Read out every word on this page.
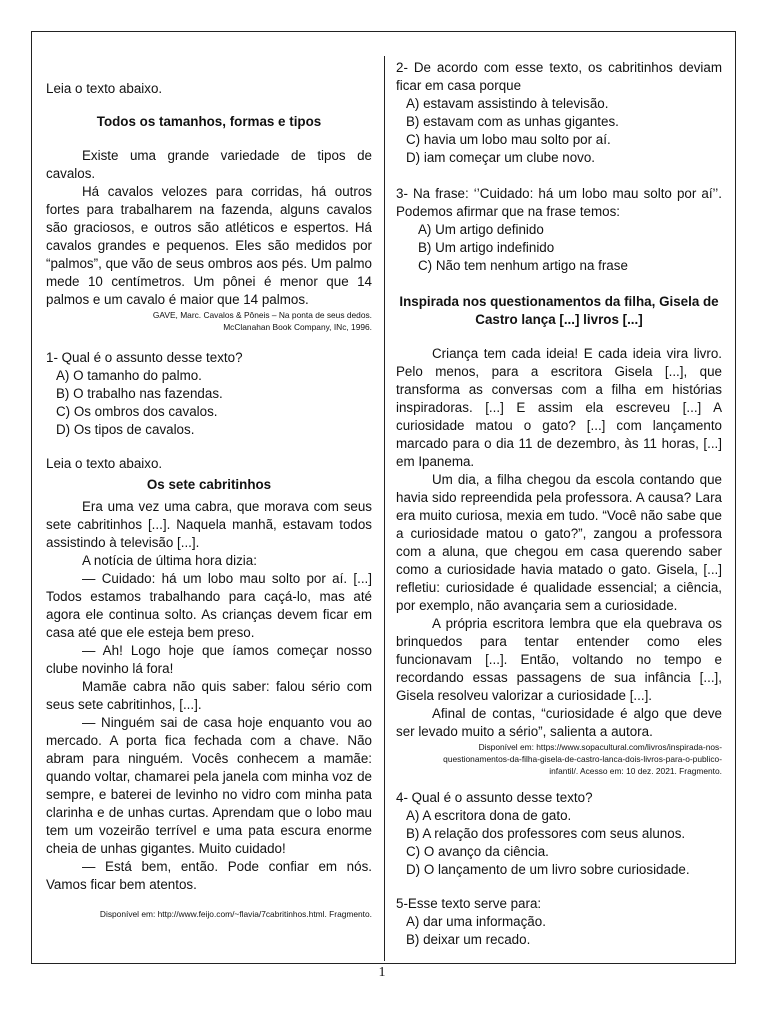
Leia o texto abaixo.

Todos os tamanhos, formas e tipos

Existe uma grande variedade de tipos de cavalos.

Há cavalos velozes para corridas, há outros fortes para trabalharem na fazenda, alguns cavalos são graciosos, e outros são atléticos e espertos. Há cavalos grandes e pequenos. Eles são medidos por “palmos”, que vão de seus ombros aos pés. Um palmo mede 10 centímetros. Um pônei é menor que 14 palmos e um cavalo é maior que 14 palmos.

GAVE, Marc. Cavalos & Pôneis – Na ponta de seus dedos.

McClanahan Book Company, INc, 1996.

1- Qual é o assunto desse texto?

A) O tamanho do palmo.

B) O trabalho nas fazendas.

C) Os ombros dos cavalos.

D) Os tipos de cavalos.

Leia o texto abaixo.

Os sete cabritinhos

Era uma vez uma cabra, que morava com seus sete cabritinhos [...]. Naquela manhã, estavam todos assistindo à televisão [...].

A notícia de última hora dizia:

— Cuidado: há um lobo mau solto por aí. [...] Todos estamos trabalhando para caçá-lo, mas até agora ele continua solto. As crianças devem ficar em casa até que ele esteja bem preso.

— Ah! Logo hoje que íamos começar nosso clube novinho lá fora!

Mamãe cabra não quis saber: falou sério com seus sete cabritinhos, [...].

— Ninguém sai de casa hoje enquanto vou ao mercado. A porta fica fechada com a chave. Não abram para ninguém. Vocês conhecem a mamãe: quando voltar, chamarei pela janela com minha voz de sempre, e baterei de levinho no vidro com minha pata clarinha e de unhas curtas. Aprendam que o lobo mau tem um vozeirão terrível e uma pata escura enorme cheia de unhas gigantes. Muito cuidado!

— Está bem, então. Pode confiar em nós. Vamos ficar bem atentos.

Disponível em: http://www.feijo.com/~flavia/7cabritinhos.html. Fragmento.

2- De acordo com esse texto, os cabritinhos deviam ficar em casa porque

A) estavam assistindo à televisão.

B) estavam com as unhas gigantes.

C) havia um lobo mau solto por aí.

D) iam começar um clube novo.

3- Na frase: ‘’Cuidado: há um lobo mau solto por aí’’. Podemos afirmar que na frase temos:

A) Um artigo definido

B) Um artigo indefinido

C) Não tem nenhum artigo na frase

Inspirada nos questionamentos da filha, Gisela de Castro lança [...] livros [...]

Criança tem cada ideia! E cada ideia vira livro. Pelo menos, para a escritora Gisela [...], que transforma as conversas com a filha em histórias inspiradoras. [...] E assim ela escreveu [...] A curiosidade matou o gato? [...] com lançamento marcado para o dia 11 de dezembro, às 11 horas, [...] em Ipanema.

Um dia, a filha chegou da escola contando que havia sido repreendida pela professora. A causa? Lara era muito curiosa, mexia em tudo. “Você não sabe que a curiosidade matou o gato?”, zangou a professora com a aluna, que chegou em casa querendo saber como a curiosidade havia matado o gato. Gisela, [...] refletiu: curiosidade é qualidade essencial; a ciência, por exemplo, não avançaria sem a curiosidade.

A própria escritora lembra que ela quebrava os brinquedos para tentar entender como eles funcionavam [...]. Então, voltando no tempo e recordando essas passagens de sua infância [...], Gisela resolveu valorizar a curiosidade [...].

Afinal de contas, “curiosidade é algo que deve ser levado muito a sério”, salienta a autora.

Disponível em: https://www.sopacultural.com/livros/inspirada-nos-

questionamentos-da-filha-gisela-de-castro-lanca-dois-livros-para-o-publico-

infantil/. Acesso em: 10 dez. 2021. Fragmento.

4- Qual é o assunto desse texto?

A) A escritora dona de gato.

B) A relação dos professores com seus alunos.

C) O avanço da ciência.

D) O lançamento de um livro sobre curiosidade.

5-Esse texto serve para:

A) dar uma informação.

B) deixar um recado.

1
